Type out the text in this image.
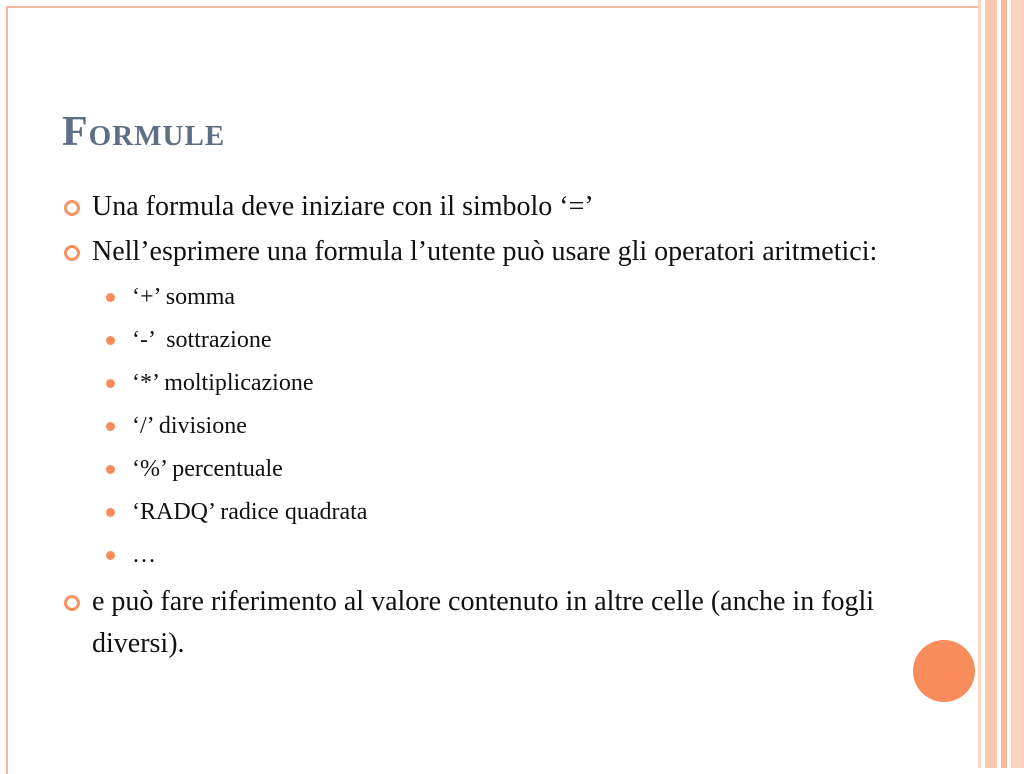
Formule
Una formula deve iniziare con il simbolo ‘=’
Nell’esprimere una formula l’utente può usare gli operatori aritmetici:
‘+’ somma
‘-’  sottrazione
‘*’ moltiplicazione
‘/’ divisione
‘%’ percentuale
‘RADQ’ radice quadrata
…
e può fare riferimento al valore contenuto in altre celle (anche in fogli diversi).
